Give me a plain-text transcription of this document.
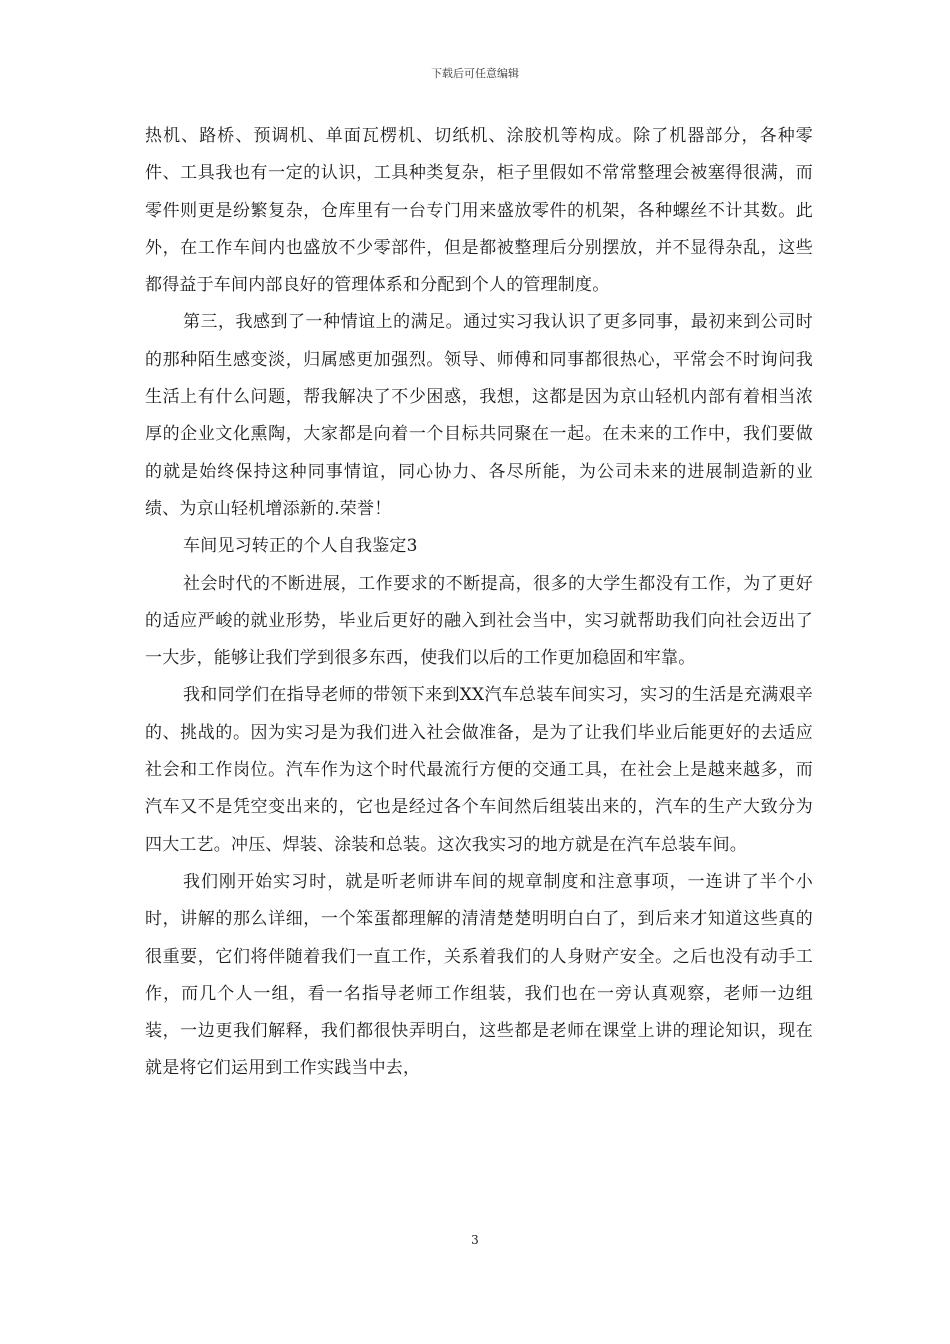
下载后可任意编辑

热机、路桥、预调机、单面瓦楞机、切纸机、涂胶机等构成。除了机器部分，各种零件、工具我也有一定的认识，工具种类复杂，柜子里假如不常常整理会被塞得很满，而零件则更是纷繁复杂，仓库里有一台专门用来盛放零件的机架，各种螺丝不计其数。此外，在工作车间内也盛放不少零部件，但是都被整理后分别摆放，并不显得杂乱，这些都得益于车间内部良好的管理体系和分配到个人的管理制度。

第三，我感到了一种情谊上的满足。通过实习我认识了更多同事，最初来到公司时的那种陌生感变淡，归属感更加强烈。领导、师傅和同事都很热心，平常会不时询问我生活上有什么问题，帮我解决了不少困惑，我想，这都是因为京山轻机内部有着相当浓厚的企业文化熏陶，大家都是向着一个目标共同聚在一起。在未来的工作中，我们要做的就是始终保持这种同事情谊，同心协力、各尽所能，为公司未来的进展制造新的业绩、为京山轻机增添新的.荣誉！

车间见习转正的个人自我鉴定3

社会时代的不断进展，工作要求的不断提高，很多的大学生都没有工作，为了更好的适应严峻的就业形势，毕业后更好的融入到社会当中，实习就帮助我们向社会迈出了一大步，能够让我们学到很多东西，使我们以后的工作更加稳固和牢靠。

我和同学们在指导老师的带领下来到XX汽车总装车间实习，实习的生活是充满艰辛的、挑战的。因为实习是为我们进入社会做准备，是为了让我们毕业后能更好的去适应社会和工作岗位。汽车作为这个时代最流行方便的交通工具，在社会上是越来越多，而汽车又不是凭空变出来的，它也是经过各个车间然后组装出来的，汽车的生产大致分为四大工艺。冲压、焊装、涂装和总装。这次我实习的地方就是在汽车总装车间。

我们刚开始实习时，就是听老师讲车间的规章制度和注意事项，一连讲了半个小时，讲解的那么详细，一个笨蛋都理解的清清楚楚明明白白了，到后来才知道这些真的很重要，它们将伴随着我们一直工作，关系着我们的人身财产安全。之后也没有动手工作，而几个人一组，看一名指导老师工作组装，我们也在一旁认真观察，老师一边组装，一边更我们解释，我们都很快弄明白，这些都是老师在课堂上讲的理论知识，现在就是将它们运用到工作实践当中去，

3
